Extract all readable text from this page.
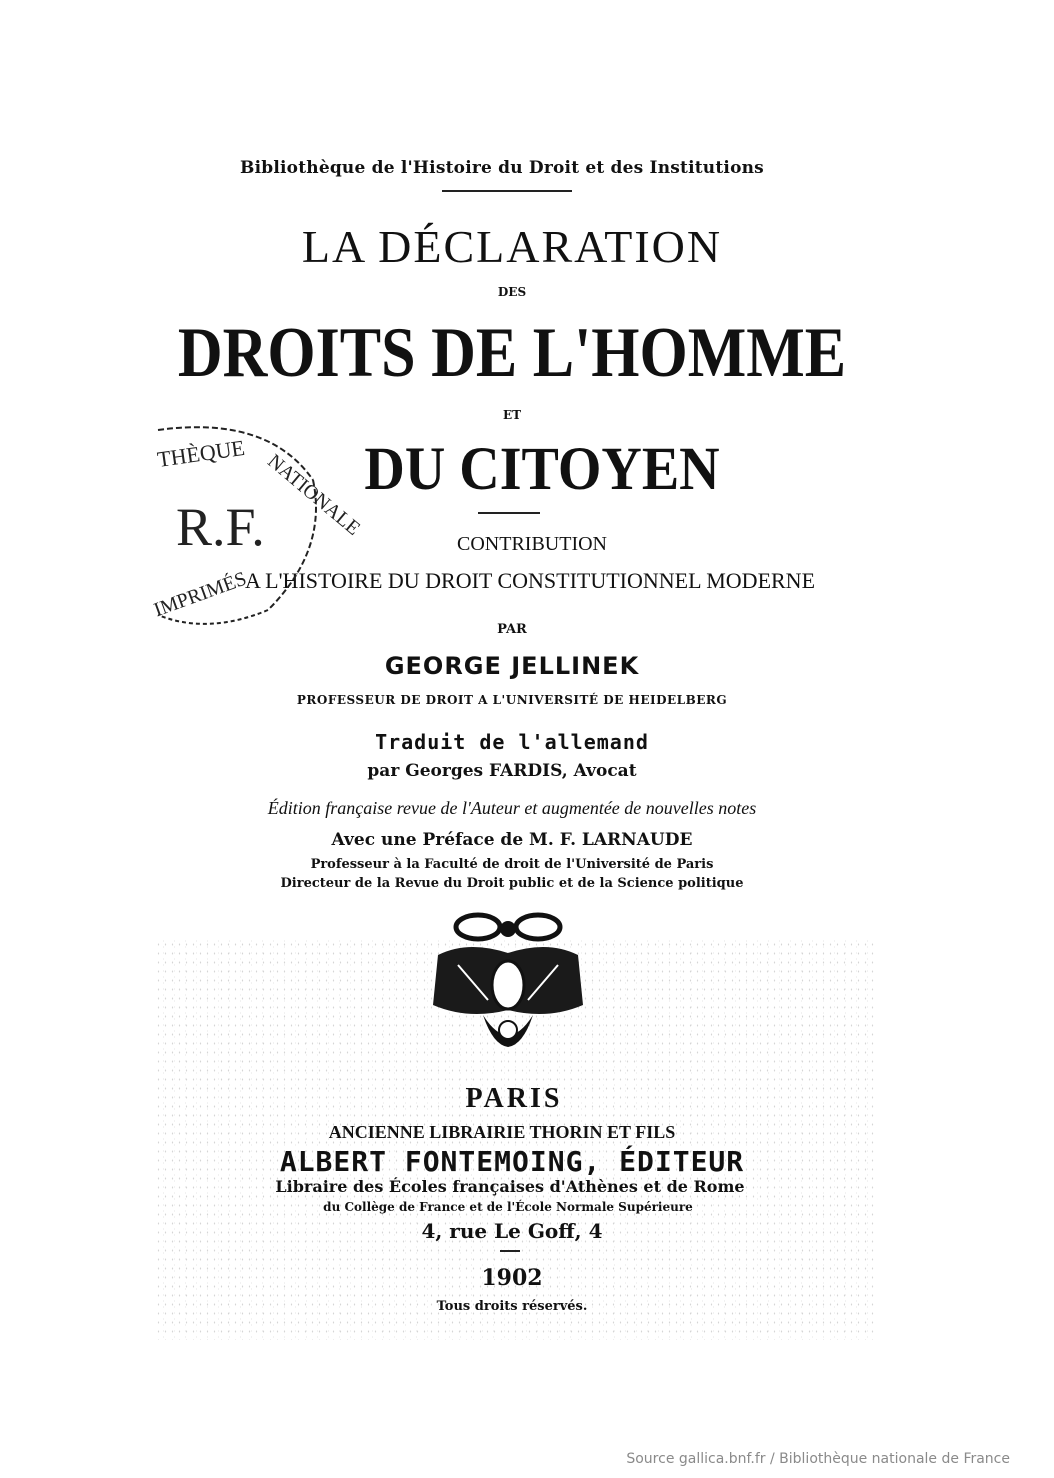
Bibliothèque de l'Histoire du Droit et des Institutions
LA DÉCLARATION
DES
DROITS DE L'HOMME
ET
DU CITOYEN
CONTRIBUTION
A L'HISTOIRE DU DROIT CONSTITUTIONNEL MODERNE
PAR
GEORGE JELLINEK
PROFESSEUR DE DROIT A L'UNIVERSITÉ DE HEIDELBERG
Traduit de l'allemand
par Georges FARDIS, Avocat
Édition française revue de l'Auteur et augmentée de nouvelles notes
Avec une Préface de M. F. LARNAUDE
Professeur à la Faculté de droit de l'Université de Paris
Directeur de la Revue du Droit public et de la Science politique
THÈQUE NATIONALE
R.F.
IMPRIMÉS
PARIS
ANCIENNE LIBRAIRIE THORIN ET FILS
ALBERT FONTEMOING, ÉDITEUR
Libraire des Écoles françaises d'Athènes et de Rome
du Collège de France et de l'École Normale Supérieure
4, rue Le Goff, 4
1902
Tous droits réservés.
Source gallica.bnf.fr / Bibliothèque nationale de France
